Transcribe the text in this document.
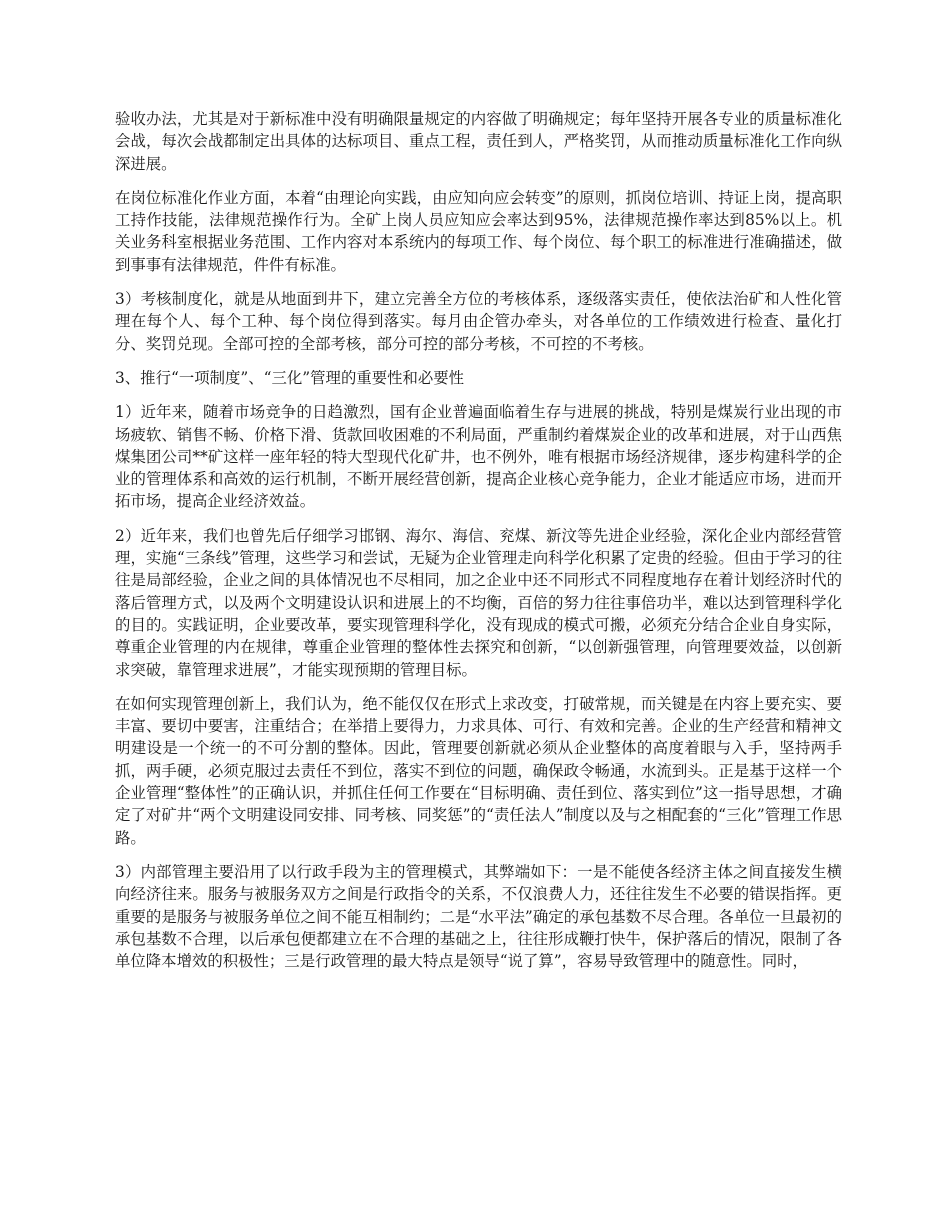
验收办法，尤其是对于新标准中没有明确限量规定的内容做了明确规定；每年坚持开展各专业的质量标准化会战，每次会战都制定出具体的达标项目、重点工程，责任到人，严格奖罚，从而推动质量标准化工作向纵深进展。

在岗位标准化作业方面，本着“由理论向实践，由应知向应会转变”的原则，抓岗位培训、持证上岗，提高职工持作技能，法律规范操作行为。全矿上岗人员应知应会率达到95%，法律规范操作率达到85%以上。机关业务科室根据业务范围、工作内容对本系统内的每项工作、每个岗位、每个职工的标准进行准确描述，做到事事有法律规范，件件有标准。

3）考核制度化，就是从地面到井下，建立完善全方位的考核体系，逐级落实责任，使依法治矿和人性化管理在每个人、每个工种、每个岗位得到落实。每月由企管办牵头，对各单位的工作绩效进行检查、量化打分、奖罚兑现。全部可控的全部考核，部分可控的部分考核，不可控的不考核。

3、推行“一项制度”、“三化”管理的重要性和必要性

1）近年来，随着市场竞争的日趋激烈，国有企业普遍面临着生存与进展的挑战，特别是煤炭行业出现的市场疲软、销售不畅、价格下滑、货款回收困难的不利局面，严重制约着煤炭企业的改革和进展，对于山西焦煤集团公司**矿这样一座年轻的特大型现代化矿井，也不例外，唯有根据市场经济规律，逐步构建科学的企业的管理体系和高效的运行机制，不断开展经营创新，提高企业核心竞争能力，企业才能适应市场，进而开拓市场，提高企业经济效益。

2）近年来，我们也曾先后仔细学习邯钢、海尔、海信、兖煤、新汶等先进企业经验，深化企业内部经营管理，实施“三条线”管理，这些学习和尝试，无疑为企业管理走向科学化积累了定贵的经验。但由于学习的往往是局部经验，企业之间的具体情况也不尽相同，加之企业中还不同形式不同程度地存在着计划经济时代的落后管理方式，以及两个文明建设认识和进展上的不均衡，百倍的努力往往事倍功半，难以达到管理科学化的目的。实践证明，企业要改革，要实现管理科学化，没有现成的模式可搬，必须充分结合企业自身实际，尊重企业管理的内在规律，尊重企业管理的整体性去探究和创新，“以创新强管理，向管理要效益，以创新求突破，靠管理求进展”，才能实现预期的管理目标。

在如何实现管理创新上，我们认为，绝不能仅仅在形式上求改变，打破常规，而关键是在内容上要充实、要丰富、要切中要害，注重结合；在举措上要得力，力求具体、可行、有效和完善。企业的生产经营和精神文明建设是一个统一的不可分割的整体。因此，管理要创新就必须从企业整体的高度着眼与入手，坚持两手抓，两手硬，必须克服过去责任不到位，落实不到位的问题，确保政令畅通，水流到头。正是基于这样一个企业管理“整体性”的正确认识，并抓住任何工作要在“目标明确、责任到位、落实到位”这一指导思想，才确定了对矿井“两个文明建设同安排、同考核、同奖惩”的“责任法人”制度以及与之相配套的“三化”管理工作思路。

3）内部管理主要沿用了以行政手段为主的管理模式，其弊端如下：一是不能使各经济主体之间直接发生横向经济往来。服务与被服务双方之间是行政指令的关系，不仅浪费人力，还往往发生不必要的错误指挥。更重要的是服务与被服务单位之间不能互相制约；二是“水平法”确定的承包基数不尽合理。各单位一旦最初的承包基数不合理，以后承包便都建立在不合理的基础之上，往往形成鞭打快牛，保护落后的情况，限制了各单位降本增效的积极性；三是行政管理的最大特点是领导“说了算”，容易导致管理中的随意性。同时，
